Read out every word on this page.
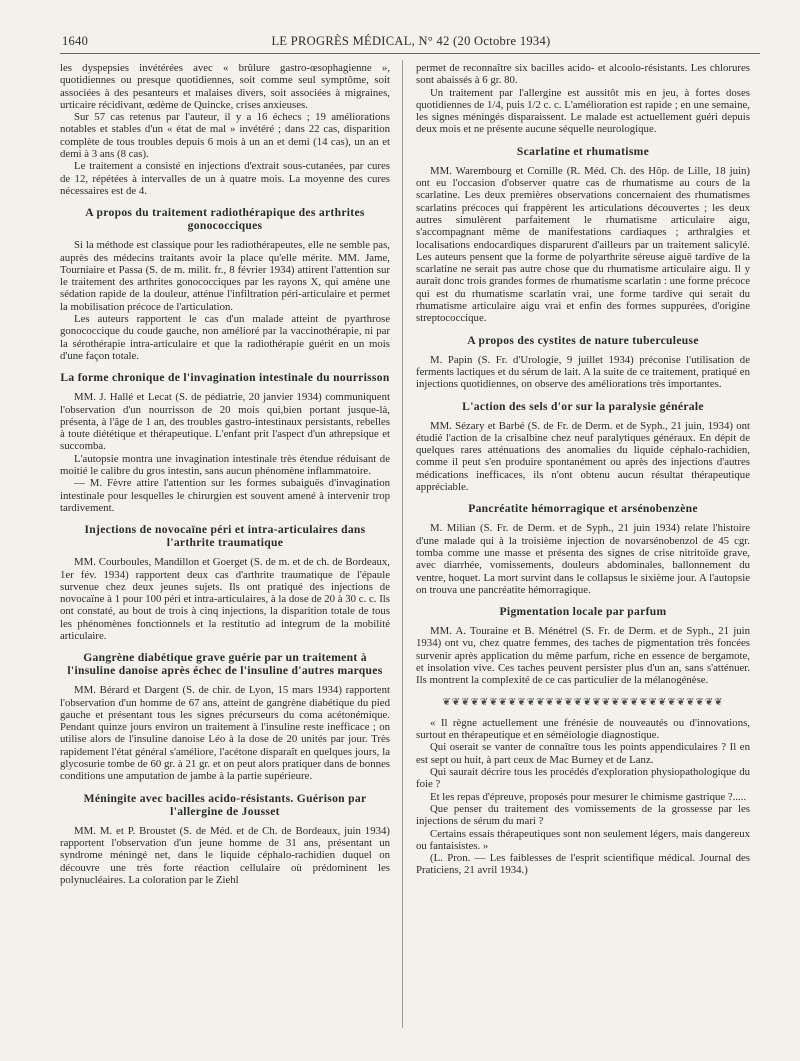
1640	LE PROGRÈS MÉDICAL, N° 42 (20 Octobre 1934)

les dyspepsies invétérées avec « brûlure gastro-œsophagienne », quotidiennes ou presque quotidiennes, soit comme seul symptôme, soit associées à des pesanteurs et malaises divers, soit associées à migraines, urticaire récidivant, œdème de Quincke, crises anxieuses.

Sur 57 cas retenus par l'auteur, il y a 16 échecs ; 19 améliorations notables et stables d'un « état de mal » invétéré ; dans 22 cas, disparition complète de tous troubles depuis 6 mois à un an et demi (14 cas), un an et demi à 3 ans (8 cas).

Le traitement a consisté en injections d'extrait sous-cutanées, par cures de 12, répétées à intervalles de un à quatre mois. La moyenne des cures nécessaires est de 4.

A propos du traitement radiothérapique des arthrites gonococciques

Si la méthode est classique pour les radiothérapeutes, elle ne semble pas, auprès des médecins traitants avoir la place qu'elle mérite. MM. Jame, Tourniaire et Passa (S. de m. milit. fr., 8 février 1934) attirent l'attention sur le traitement des arthrites gonococciques par les rayons X, qui amène une sédation rapide de la douleur, atténue l'infiltration péri-articulaire et permet la mobilisation précoce de l'articulation.

Les auteurs rapportent le cas d'un malade atteint de pyarthrose gonococcique du coude gauche, non amélioré par la vaccinothérapie, ni par la sérothérapie intra-articulaire et que la radiothérapie guérit en un mois d'une façon totale.

La forme chronique de l'invagination intestinale du nourrisson

MM. J. Hallé et Lecat (S. de pédiatrie, 20 janvier 1934) communiquent l'observation d'un nourrisson de 20 mois qui,bien portant jusque-là, présenta, à l'âge de 1 an, des troubles gastro-intestinaux persistants, rebelles à toute diététique et thérapeutique. L'enfant prit l'aspect d'un athrepsique et succomba.

L'autopsie montra une invagination intestinale très étendue réduisant de moitié le calibre du gros intestin, sans aucun phénomène inflammatoire.

— M. Fèvre attire l'attention sur les formes subaiguës d'invagination intestinale pour lesquelles le chirurgien est souvent amené à intervenir trop tardivement.

Injections de novocaïne péri et intra-articulaires dans l'arthrite traumatique

MM. Courboules, Mandillon et Goerget (S. de m. et de ch. de Bordeaux, 1er fév. 1934) rapportent deux cas d'arthrite traumatique de l'épaule survenue chez deux jeunes sujets. Ils ont pratiqué des injections de novocaïne à 1 pour 100 péri et intra-articulaires, à la dose de 20 à 30 c. c. Ils ont constaté, au bout de trois à cinq injections, la disparition totale de tous les phénomènes fonctionnels et la restitutio ad integrum de la mobilité articulaire.

Gangrène diabétique grave guérie par un traitement à l'insuline danoise après échec de l'insuline d'autres marques

MM. Bérard et Dargent (S. de chir. de Lyon, 15 mars 1934) rapportent l'observation d'un homme de 67 ans, atteint de gangrène diabétique du pied gauche et présentant tous les signes précurseurs du coma acétonémique. Pendant quinze jours environ un traitement à l'insuline reste inefficace ; on utilise alors de l'insuline danoise Léo à la dose de 20 unités par jour. Très rapidement l'état général s'améliore, l'acétone disparaît en quelques jours, la glycosurie tombe de 60 gr. à 21 gr. et on peut alors pratiquer dans de bonnes conditions une amputation de jambe à la partie supérieure.

Méningite avec bacilles acido-résistants. Guérison par l'allergine de Jousset

MM. M. et P. Broustet (S. de Méd. et de Ch. de Bordeaux, juin 1934) rapportent l'observation d'un jeune homme de 31 ans, présentant un syndrome méningé net, dans le liquide céphalo-rachidien duquel on découvre une très forte réaction cellulaire où prédominent les polynucléaires. La coloration par le Ziehl

permet de reconnaître six bacilles acido- et alcoolo-résistants. Les chlorures sont abaissés à 6 gr. 80.

Un traitement par l'allergine est aussitôt mis en jeu, à fortes doses quotidiennes de 1/4, puis 1/2 c. c. L'amélioration est rapide ; en une semaine, les signes méningés disparaissent. Le malade est actuellement guéri depuis deux mois et ne présente aucune séquelle neurologique.

Scarlatine et rhumatisme

MM. Warembourg et Cornille (R. Méd. Ch. des Hôp. de Lille, 18 juin) ont eu l'occasion d'observer quatre cas de rhumatisme au cours de la scarlatine. Les deux premières observations concernaient des rhumatismes scarlatins précoces qui frappèrent les articulations découvertes ; les deux autres simulèrent parfaitement le rhumatisme articulaire aigu, s'accompagnant même de manifestations cardiaques ; arthralgies et localisations endocardiques disparurent d'ailleurs par un traitement salicylé. Les auteurs pensent que la forme de polyarthrite séreuse aiguë tardive de la scarlatine ne serait pas autre chose que du rhumatisme articulaire aigu. Il y aurait donc trois grandes formes de rhumatisme scarlatin : une forme précoce qui est du rhumatisme scarlatin vrai, une forme tardive qui serait du rhumatisme articulaire aigu vrai et enfin des formes suppurées, d'origine streptococcique.

A propos des cystites de nature tuberculeuse

M. Papin (S. Fr. d'Urologie, 9 juillet 1934) préconise l'utilisation de ferments lactiques et du sérum de lait. A la suite de ce traitement, pratiqué en injections quotidiennes, on observe des améliorations très importantes.

L'action des sels d'or sur la paralysie générale

MM. Sézary et Barbé (S. de Fr. de Derm. et de Syph., 21 juin, 1934) ont étudié l'action de la crisalbine chez neuf paralytiques généraux. En dépit de quelques rares atténuations des anomalies du liquide céphalo-rachidien, comme il peut s'en produire spontanément ou après des injections d'autres médications inefficaces, ils n'ont obtenu aucun résultat thérapeutique appréciable.

Pancréatite hémorragique et arsénobenzène

M. Milian (S. Fr. de Derm. et de Syph., 21 juin 1934) relate l'histoire d'une malade qui à la troisième injection de novarsénobenzol de 45 cgr. tomba comme une masse et présenta des signes de crise nitritoïde grave, avec diarrhée, vomissements, douleurs abdominales, ballonnement du ventre, hoquet. La mort survint dans le collapsus le sixième jour. A l'autopsie on trouva une pancréatite hémorragique.

Pigmentation locale par parfum

MM. A. Touraine et B. Ménétrel (S. Fr. de Derm. et de Syph., 21 juin 1934) ont vu, chez quatre femmes, des taches de pigmentation très foncées survenir après application du même parfum, riche en essence de bergamote, et insolation vive. Ces taches peuvent persister plus d'un an, sans s'atténuer. Ils montrent la complexité de ce cas particulier de la mélanogénèse.

❦❦❦❦❦❦❦❦❦❦❦❦❦❦❦❦❦❦❦❦❦❦❦❦❦❦❦❦❦❦

« Il règne actuellement une frénésie de nouveautés ou d'innovations, surtout en thérapeutique et en séméiologie diagnostique.

Qui oserait se vanter de connaître tous les points appendiculaires ? Il en est sept ou huit, à part ceux de Mac Burney et de Lanz.

Qui saurait décrire tous les procédés d'exploration physiopathologique du foie ?

Et les repas d'épreuve, proposés pour mesurer le chimisme gastrique ?.....

Que penser du traitement des vomissements de la grossesse par les injections de sérum du mari ?

Certains essais thérapeutiques sont non seulement légers, mais dangereux ou fantaisistes. »

(L. Pron. — Les faiblesses de l'esprit scientifique médical. Journal des Praticiens, 21 avril 1934.)
